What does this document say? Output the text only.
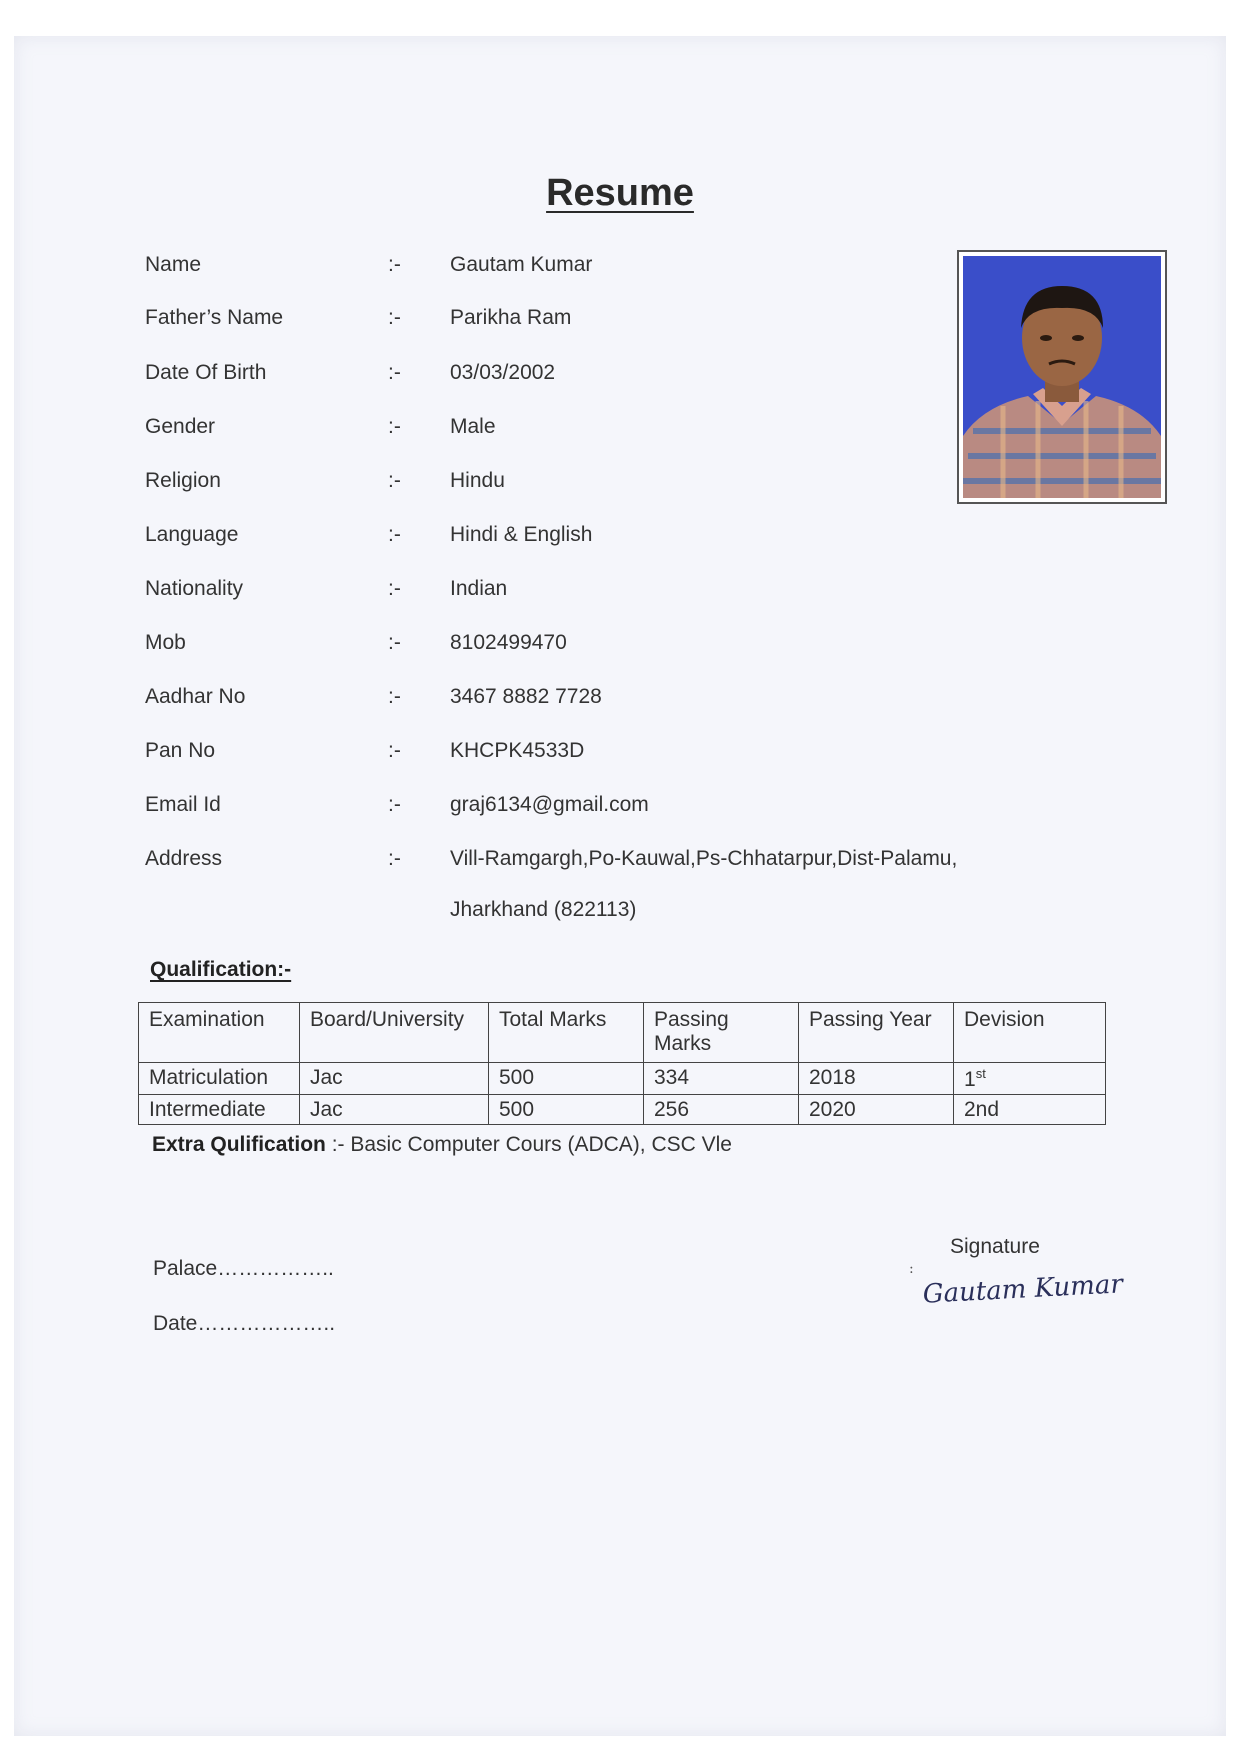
Resume
Name	:-	Gautam Kumar
Father’s Name	:-	Parikha Ram
Date Of Birth	:-	03/03/2002
Gender	:-	Male
Religion	:-	Hindu
Language	:-	Hindi & English
Nationality	:-	Indian
Mob	:-	8102499470
Aadhar No	:-	3467 8882 7728
Pan No	:-	KHCPK4533D
Email Id	:-	graj6134@gmail.com
Address	:-	Vill-Ramgargh,Po-Kauwal,Ps-Chhatarpur,Dist-Palamu,
Jharkhand (822113)
Qualification:-
Examination	Board/University	Total Marks	Passing Marks	Passing Year	Devision
Matriculation	Jac	500	334	2018	1st
Intermediate	Jac	500	256	2020	2nd
Extra Qulification :- Basic Computer Cours (ADCA), CSC Vle
Palace……………..
Date………………..
Signature
:
Gautam Kumar
